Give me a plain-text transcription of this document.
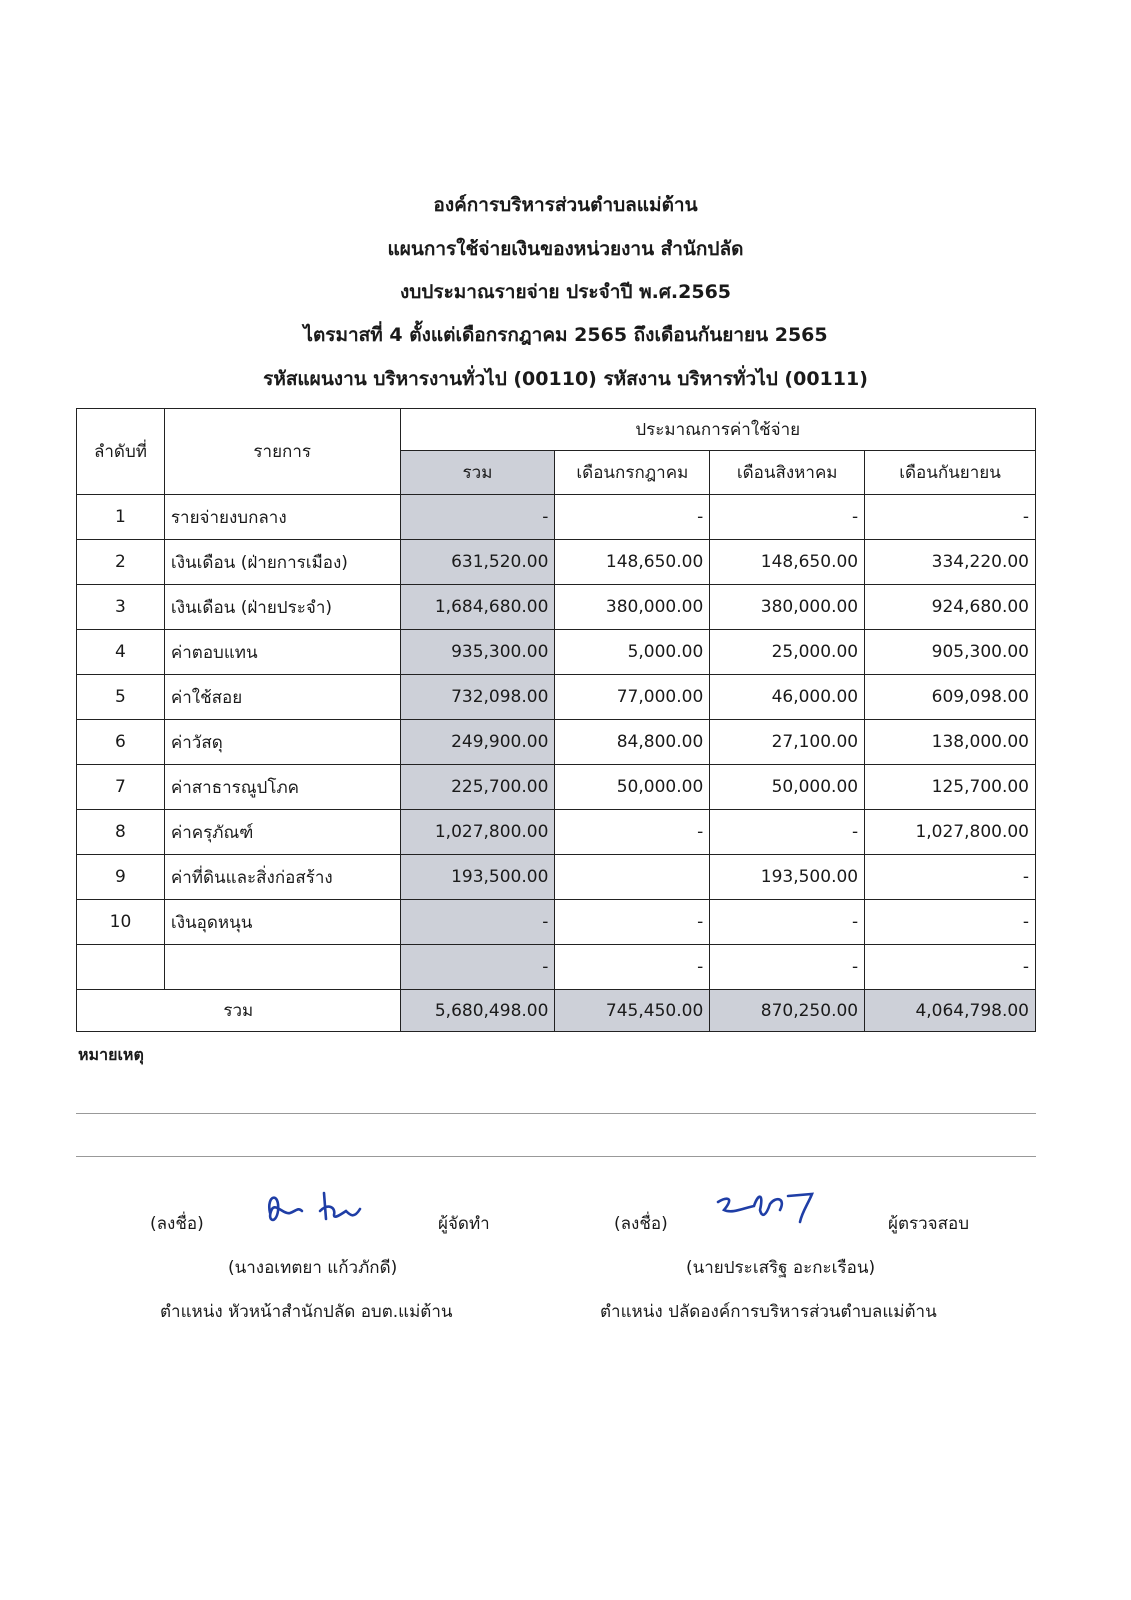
องค์การบริหารส่วนตำบลแม่ต้าน
แผนการใช้จ่ายเงินของหน่วยงาน สำนักปลัด
งบประมาณรายจ่าย ประจำปี พ.ศ.2565
ไตรมาสที่ 4 ตั้งแต่เดือกรกฎาคม 2565 ถึงเดือนกันยายน 2565
รหัสแผนงาน บริหารงานทั่วไป (00110) รหัสงาน บริหารทั่วไป (00111)
ลำดับที่	รายการ	ประมาณการค่าใช้จ่าย			
		รวม	เดือนกรกฎาคม	เดือนสิงหาคม	เดือนกันยายน
1	รายจ่ายงบกลาง	-	-	-	-
2	เงินเดือน (ฝ่ายการเมือง)	631,520.00	148,650.00	148,650.00	334,220.00
3	เงินเดือน (ฝ่ายประจำ)	1,684,680.00	380,000.00	380,000.00	924,680.00
4	ค่าตอบแทน	935,300.00	5,000.00	25,000.00	905,300.00
5	ค่าใช้สอย	732,098.00	77,000.00	46,000.00	609,098.00
6	ค่าวัสดุ	249,900.00	84,800.00	27,100.00	138,000.00
7	ค่าสาธารณูปโภค	225,700.00	50,000.00	50,000.00	125,700.00
8	ค่าครุภัณฑ์	1,027,800.00	-	-	1,027,800.00
9	ค่าที่ดินและสิ่งก่อสร้าง	193,500.00		193,500.00	-
10	เงินอุดหนุน	-	-	-	-
		-	-	-	-
รวม		5,680,498.00	745,450.00	870,250.00	4,064,798.00
หมายเหตุ
(ลงชื่อ)	ผู้จัดทำ
(นางอเทตยา แก้วภักดี)
ตำแหน่ง หัวหน้าสำนักปลัด อบต.แม่ต้าน
(ลงชื่อ)	ผู้ตรวจสอบ
(นายประเสริฐ อะกะเรือน)
ตำแหน่ง ปลัดองค์การบริหารส่วนตำบลแม่ต้าน
